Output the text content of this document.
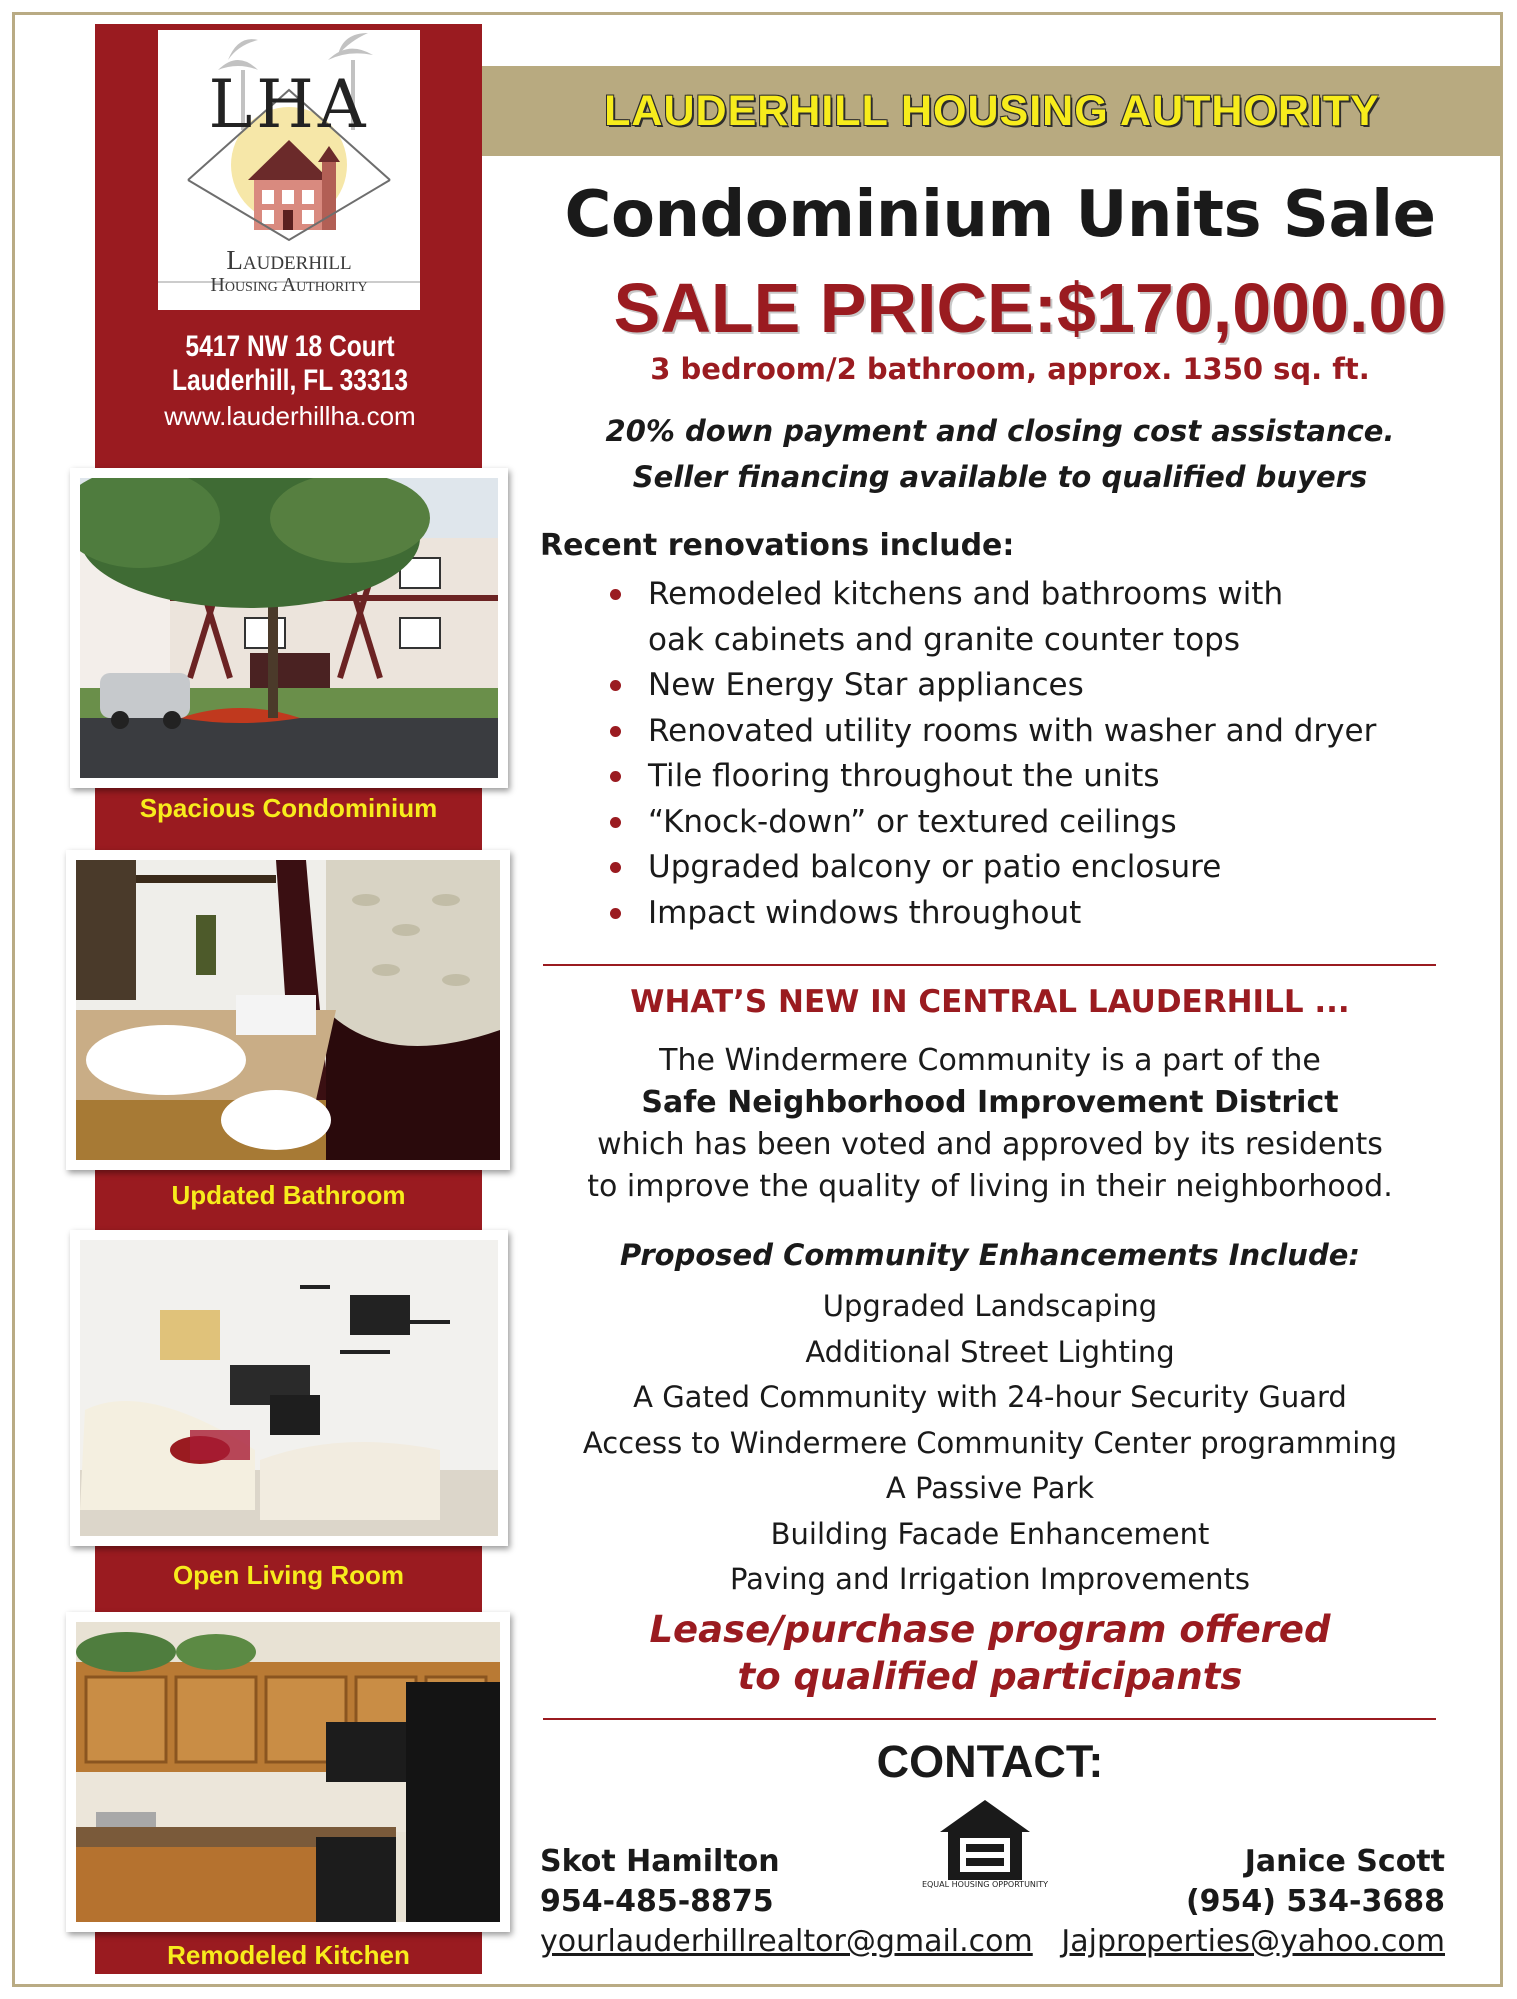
LAUDERHILL HOUSING AUTHORITY
LHA
Lauderhill
Housing Authority
5417 NW 18 Court
Lauderhill, FL 33313
www.lauderhillha.com
Spacious Condominium
Updated Bathroom
Open Living Room
Remodeled Kitchen
Condominium Units Sale
SALE PRICE:$170,000.00
3 bedroom/2 bathroom, approx. 1350 sq. ft.
20% down payment and closing cost assistance.
Seller financing available to qualified buyers
Recent renovations include:
Remodeled kitchens and bathrooms with
oak cabinets and granite counter tops
New Energy Star appliances
Renovated utility rooms with washer and dryer
Tile flooring throughout the units
“Knock-down” or textured ceilings
Upgraded balcony or patio enclosure
Impact windows throughout
WHAT’S NEW IN CENTRAL LAUDERHILL ...
The Windermere Community is a part of the
Safe Neighborhood Improvement District
which has been voted and approved by its residents
to improve the quality of living in their neighborhood.
Proposed Community Enhancements Include:
Upgraded Landscaping
Additional Street Lighting
A Gated Community with 24-hour Security Guard
Access to Windermere Community Center programming
A Passive Park
Building Facade Enhancement
Paving and Irrigation Improvements
Lease/purchase program offered
to qualified participants
CONTACT:
EQUAL HOUSING OPPORTUNITY
Skot Hamilton
954-485-8875
yourlauderhillrealtor@gmail.com
Janice Scott
(954) 534-3688
Jajproperties@yahoo.com
